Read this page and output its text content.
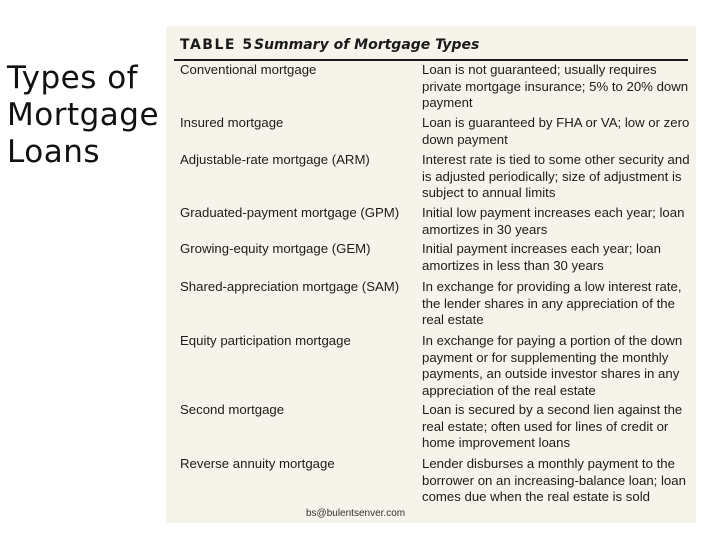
Types of
Mortgage
Loans
TABLE 5 Summary of Mortgage Types
Conventional mortgage	Loan is not guaranteed; usually requires private mortgage insurance; 5% to 20% down payment
Insured mortgage	Loan is guaranteed by FHA or VA; low or zero down payment
Adjustable-rate mortgage (ARM)	Interest rate is tied to some other security and is adjusted periodically; size of adjustment is subject to annual limits
Graduated-payment mortgage (GPM)	Initial low payment increases each year; loan amortizes in 30 years
Growing-equity mortgage (GEM)	Initial payment increases each year; loan amortizes in less than 30 years
Shared-appreciation mortgage (SAM)	In exchange for providing a low interest rate, the lender shares in any appreciation of the real estate
Equity participation mortgage	In exchange for paying a portion of the down payment or for supplementing the monthly payments, an outside investor shares in any appreciation of the real estate
Second mortgage	Loan is secured by a second lien against the real estate; often used for lines of credit or home improvement loans
Reverse annuity mortgage	Lender disburses a monthly payment to the borrower on an increasing-balance loan; loan comes due when the real estate is sold
bs@bulentsenver.com
